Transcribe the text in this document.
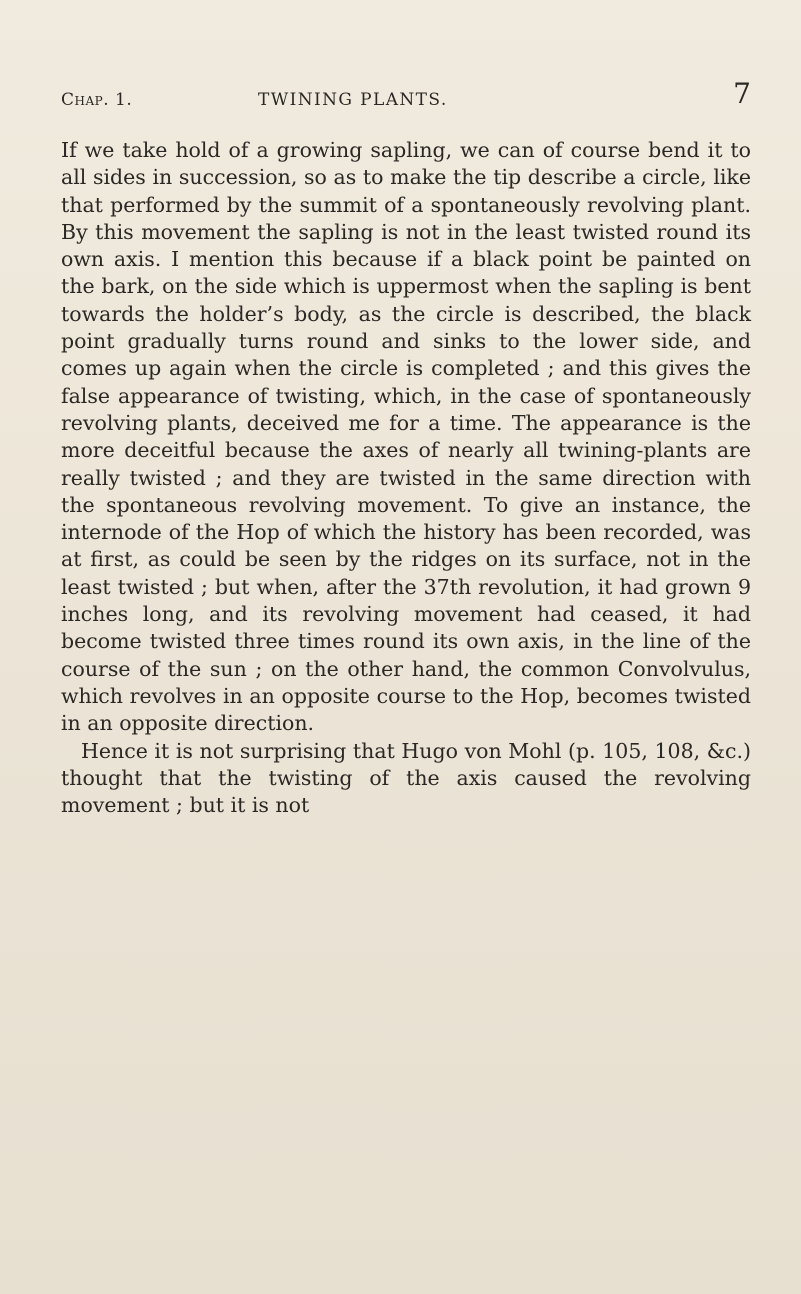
Chap. 1.	TWINING PLANTS.	7

If we take hold of a growing sapling, we can of course bend it to all sides in succession, so as to make the tip describe a circle, like that performed by the summit of a spontaneously revolving plant. By this movement the sapling is not in the least twisted round its own axis. I mention this because if a black point be painted on the bark, on the side which is uppermost when the sapling is bent towards the holder’s body, as the circle is described, the black point gradually turns round and sinks to the lower side, and comes up again when the circle is completed ; and this gives the false appearance of twisting, which, in the case of spontaneously revolving plants, deceived me for a time. The appearance is the more deceitful because the axes of nearly all twining-plants are really twisted ; and they are twisted in the same direction with the spontaneous revolving movement. To give an instance, the internode of the Hop of which the history has been recorded, was at first, as could be seen by the ridges on its surface, not in the least twisted ; but when, after the 37th revolution, it had grown 9 inches long, and its revolving movement had ceased, it had become twisted three times round its own axis, in the line of the course of the sun ; on the other hand, the common Convolvulus, which revolves in an opposite course to the Hop, becomes twisted in an opposite direction.

Hence it is not surprising that Hugo von Mohl (p. 105, 108, &c.) thought that the twisting of the axis caused the revolving movement ; but it is not
